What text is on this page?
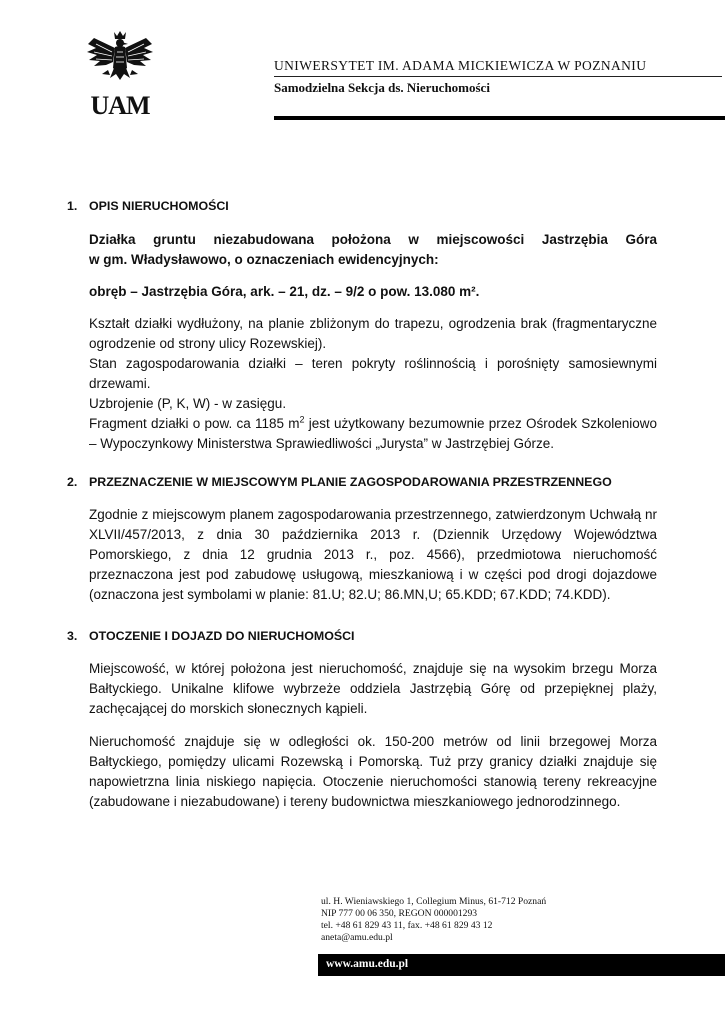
UAM
UNIWERSYTET IM. ADAMA MICKIEWICZA W POZNANIU
Samodzielna Sekcja ds. Nieruchomości
1. OPIS NIERUCHOMOŚCI

Działka gruntu niezabudowana położona w miejscowości Jastrzębia Góra

w gm. Władysławowo, o oznaczeniach ewidencyjnych:

obręb – Jastrzębia Góra, ark. – 21, dz. – 9/2 o pow. 13.080 m².

Kształt działki wydłużony, na planie zbliżonym do trapezu, ogrodzenia brak (fragmentaryczne ogrodzenie od strony ulicy Rozewskiej).

Stan zagospodarowania działki – teren pokryty roślinnością i porośnięty samosiewnymi drzewami.

Uzbrojenie (P, K, W) - w zasięgu.

Fragment działki o pow. ca 1185 $m^2$ jest użytkowany bezumownie przez Ośrodek Szkoleniowo – Wypoczynkowy Ministerstwa Sprawiedliwości „Jurysta” w Jastrzębiej Górze.

2. PRZEZNACZENIE W MIEJSCOWYM PLANIE ZAGOSPODAROWANIA PRZESTRZENNEGO

Zgodnie z miejscowym planem zagospodarowania przestrzennego, zatwierdzonym Uchwałą nr XLVII/457/2013, z dnia 30 października 2013 r. (Dziennik Urzędowy Województwa Pomorskiego, z dnia 12 grudnia 2013 r., poz. 4566), przedmiotowa nieruchomość przeznaczona jest pod zabudowę usługową, mieszkaniową i w części pod drogi dojazdowe (oznaczona jest symbolami w planie: 81.U; 82.U; 86.MN,U; 65.KDD; 67.KDD; 74.KDD).

3. OTOCZENIE I DOJAZD DO NIERUCHOMOŚCI

Miejscowość, w której położona jest nieruchomość, znajduje się na wysokim brzegu Morza Bałtyckiego. Unikalne klifowe wybrzeże oddziela Jastrzębią Górę od przepięknej plaży, zachęcającej do morskich słonecznych kąpieli.

Nieruchomość znajduje się w odległości ok. 150-200 metrów od linii brzegowej Morza Bałtyckiego, pomiędzy ulicami Rozewską i Pomorską. Tuż przy granicy działki znajduje się napowietrzna linia niskiego napięcia. Otoczenie nieruchomości stanowią tereny rekreacyjne (zabudowane i niezabudowane) i tereny budownictwa mieszkaniowego jednorodzinnego.

ul. H. Wieniawskiego 1, Collegium Minus, 61-712 Poznań
NIP 777 00 06 350, REGON 000001293
tel. +48 61 829 43 11, fax. +48 61 829 43 12
aneta@amu.edu.pl
www.amu.edu.pl
